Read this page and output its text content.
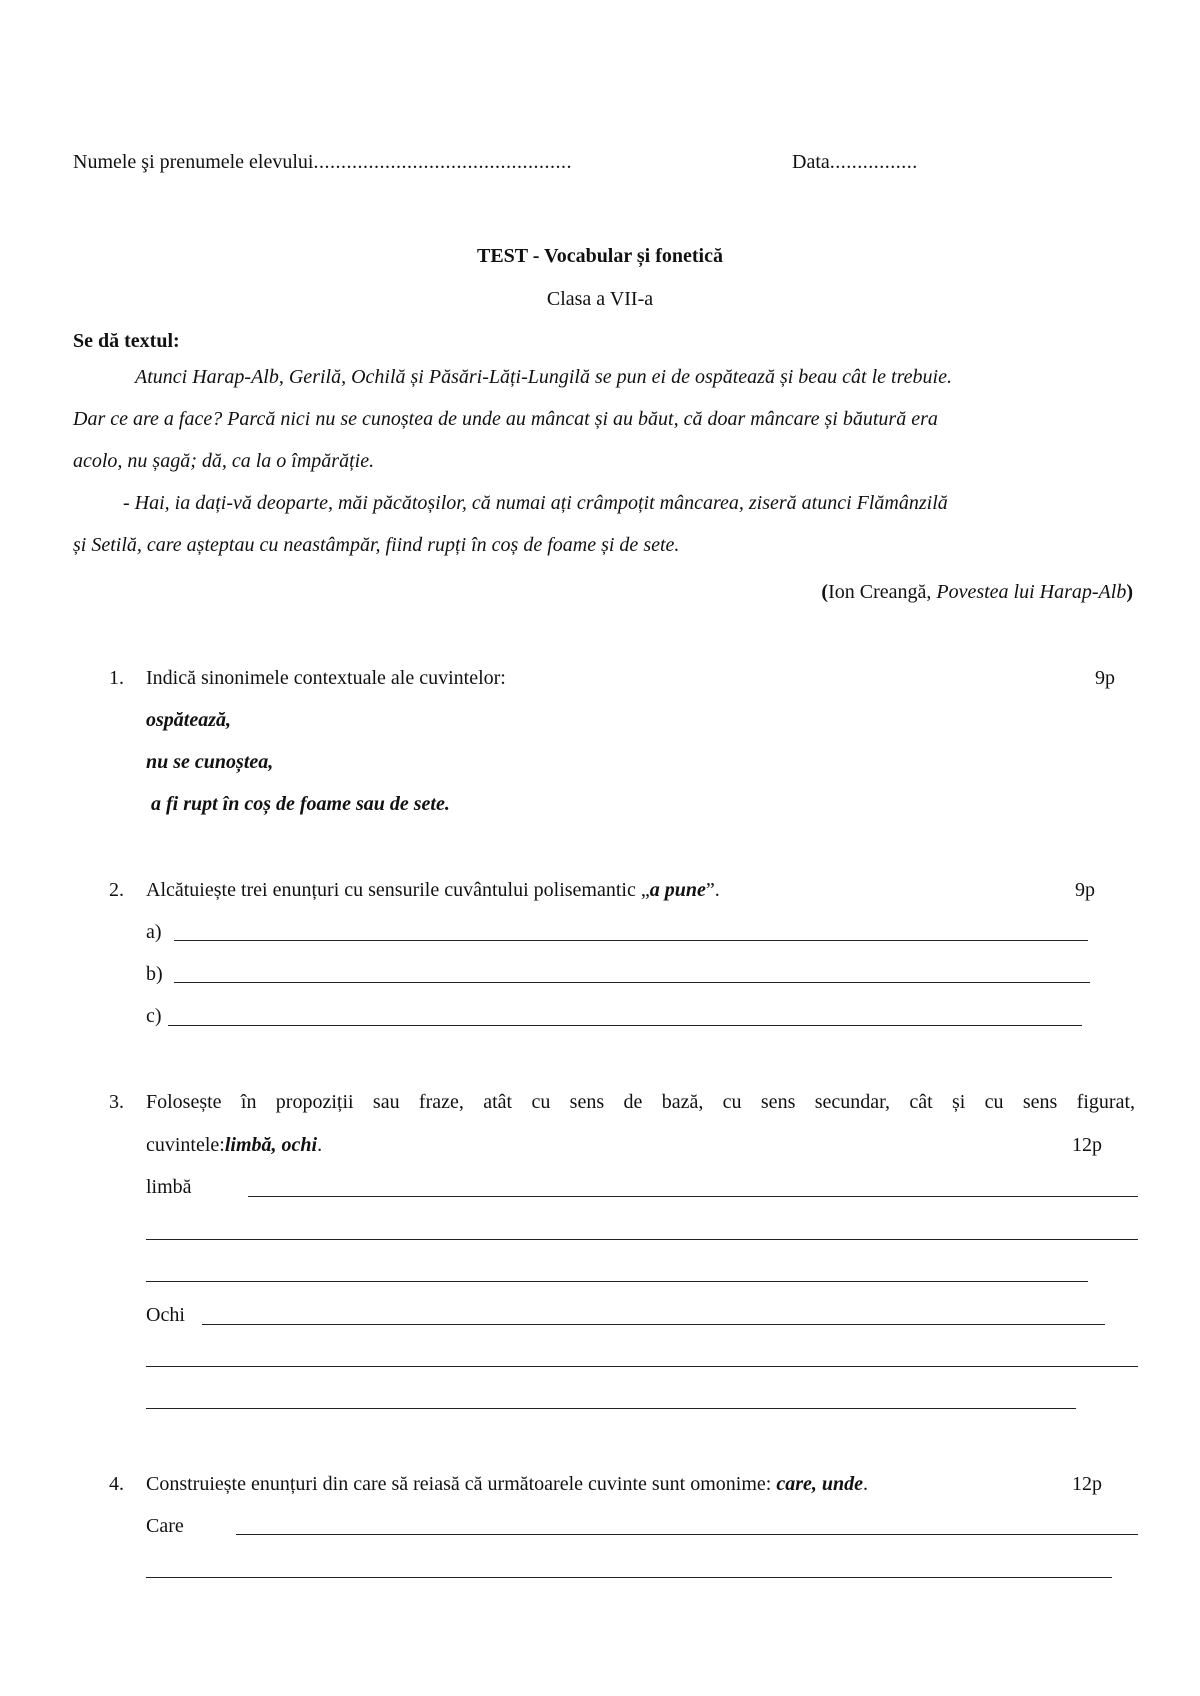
Numele şi prenumele elevului...............................................	Data................
TEST - Vocabular și fonetică
Clasa a VII-a
Se dă textul:
Atunci Harap-Alb, Gerilă, Ochilă și Păsări-Lăți-Lungilă se pun ei de ospătează și beau cât le trebuie.
Dar ce are a face? Parcă nici nu se cunoștea de unde au mâncat și au băut, că doar mâncare și băutură era
acolo, nu șagă; dă, ca la o împărăție.
- Hai, ia dați-vă deoparte, măi păcătoșilor, că numai ați crâmpoțit mâncarea, ziseră atunci Flămânzilă
și Setilă, care așteptau cu neastâmpăr, fiind rupți în coș de foame și de sete.
(Ion Creangă, Povestea lui Harap-Alb)
1. Indică sinonimele contextuale ale cuvintelor:	9p
ospătează,
nu se cunoștea,
a fi rupt în coș de foame sau de sete.
2. Alcătuiește trei enunțuri cu sensurile cuvântului polisemantic „a pune”.	9p
a)
b)
c)
3. Folosește în propoziții sau fraze, atât cu sens de bază, cu sens secundar, cât și cu sens figurat,
cuvintele:limbă, ochi.	12p
limbă
Ochi
4. Construiește enunțuri din care să reiasă că următoarele cuvinte sunt omonime: care, unde.	12p
Care
